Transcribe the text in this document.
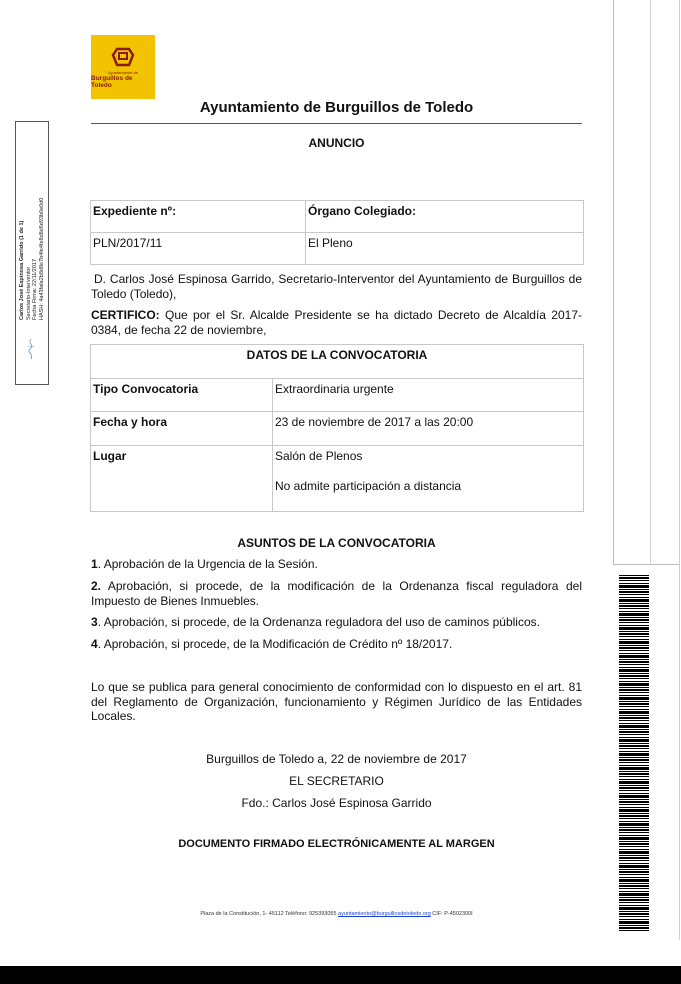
Carlos José Espinosa Garrido (1 de 1) Secretario-Interventor Fecha Firma: 22/11/2017 HASH: 4a43fafa2b8d8e7b4fe4fe8d8d6d93b0e0d0
Ayuntamiento de
Burguillos de Toledo
Ayuntamiento de Burguillos de Toledo
ANUNCIO
Expediente nº:	Órgano Colegiado:
PLN/2017/11	El Pleno
D. Carlos José Espinosa Garrido, Secretario-Interventor del Ayuntamiento de Burguillos de Toledo (Toledo),
CERTIFICO: Que por el Sr. Alcalde Presidente se ha dictado Decreto de Alcaldía 2017-0384, de fecha 22 de noviembre,
DATOS DE LA CONVOCATORIA	
Tipo Convocatoria	Extraordinaria urgente
Fecha y hora	23 de noviembre de 2017 a las 20:00
Lugar	Salón de Plenos
No admite participación a distancia
ASUNTOS DE LA CONVOCATORIA
1. Aprobación de la Urgencia de la Sesión.
2. Aprobación, si procede, de la modificación de la Ordenanza fiscal reguladora del Impuesto de Bienes Inmuebles.
3. Aprobación, si procede, de la Ordenanza reguladora del uso de caminos públicos.
4. Aprobación, si procede, de la Modificación de Crédito nº 18/2017.
Lo que se publica para general conocimiento de conformidad con lo dispuesto en el art. 81 del Reglamento de Organización, funcionamiento y Régimen Jurídico de las Entidades Locales.
Burguillos de Toledo a, 22 de noviembre de 2017
EL SECRETARIO
Fdo.: Carlos José Espinosa Garrido
DOCUMENTO FIRMADO ELECTRÓNICAMENTE AL MARGEN
Plaza de la Constitución, 1- 45112 Teléfono: 925393055 ayuntamiento@burguillosdetoledo.org CIF: P-4502300I
